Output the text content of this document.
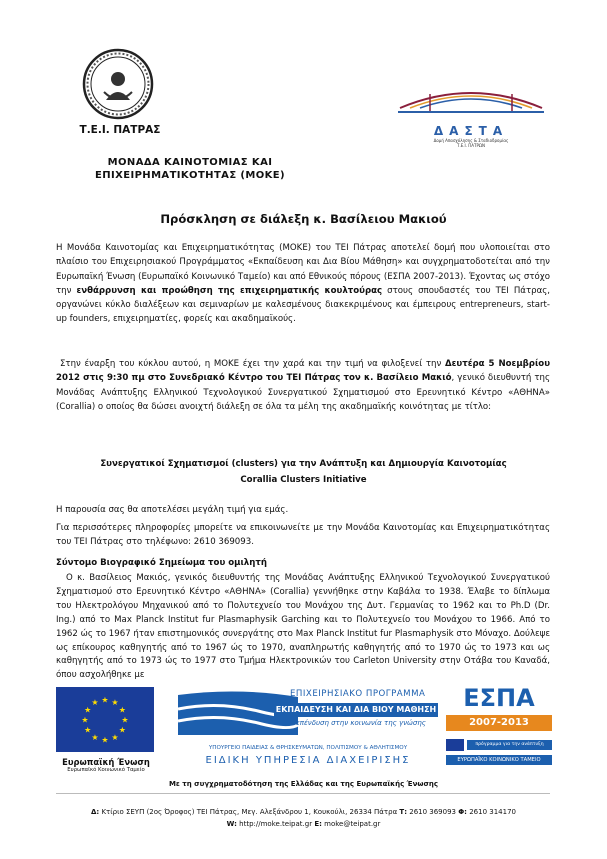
Τ.Ε.Ι. ΠΑΤΡΑΣ
ΜΟΝΑΔΑ ΚΑΙΝΟΤΟΜΙΑΣ ΚΑΙ
ΕΠΙΧΕΙΡΗΜΑΤΙΚΟΤΗΤΑΣ (ΜΟΚΕ)
ΔΑΣΤΑ
Δομή Απασχόλησης & Σταδιοδρομίας
Τ.Ε.Ι. ΠΑΤΡΩΝ
Πρόσκληση σε διάλεξη κ. Βασίλειου Μακιού
Η Μονάδα Καινοτομίας και Επιχειρηματικότητας (ΜΟΚΕ) του ΤΕΙ Πάτρας αποτελεί δομή που υλοποιείται στο πλαίσιο του Επιχειρησιακού Προγράμματος «Εκπαίδευση και Δια Βίου Μάθηση» και συγχρηματοδοτείται από την Ευρωπαϊκή Ένωση (Ευρωπαϊκό Κοινωνικό Ταμείο) και από Εθνικούς πόρους (ΕΣΠΑ 2007-2013). Έχοντας ως στόχο την ενθάρρυνση και προώθηση της επιχειρηματικής κουλτούρας στους σπουδαστές του ΤΕΙ Πάτρας, οργανώνει κύκλο διαλέξεων και σεμιναρίων με καλεσμένους διακεκριμένους και έμπειρους entrepreneurs, start-up founders, επιχειρηματίες, φορείς και ακαδημαϊκούς.
Στην έναρξη του κύκλου αυτού, η ΜΟΚΕ έχει την χαρά και την τιμή να φιλοξενεί την Δευτέρα 5 Νοεμβρίου 2012 στις 9:30 πμ στο Συνεδριακό Κέντρο του ΤΕΙ Πάτρας τον κ. Βασίλειο Μακιό, γενικό διευθυντή της Μονάδας Ανάπτυξης Ελληνικού Τεχνολογικού Συνεργατικού Σχηματισμού στο Ερευνητικό Κέντρο «ΑΘΗΝΑ» (Corallia) ο οποίος θα δώσει ανοιχτή διάλεξη σε όλα τα μέλη της ακαδημαϊκής κοινότητας με τίτλο:
Συνεργατικοί Σχηματισμοί (clusters) για την Ανάπτυξη και Δημιουργία Καινοτομίας
Corallia Clusters Initiative
Η παρουσία σας θα αποτελέσει μεγάλη τιμή για εμάς.
Για περισσότερες πληροφορίες μπορείτε να επικοινωνείτε με την Μονάδα Καινοτομίας και Επιχειρηματικότητας του ΤΕΙ Πάτρας στο τηλέφωνο: 2610 369093.
Σύντομο Βιογραφικό Σημείωμα του ομιλητή
Ο κ. Βασίλειος Μακιός, γενικός διευθυντής της Μονάδας Ανάπτυξης Ελληνικού Τεχνολογικού Συνεργατικού Σχηματισμού στο Ερευνητικό Κέντρο «ΑΘΗΝΑ» (Corallia) γεννήθηκε στην Καβάλα το 1938. Έλαβε το δίπλωμα του Ηλεκτρολόγου Μηχανικού από το Πολυτεχνείο του Μονάχου της Δυτ. Γερμανίας το 1962 και το Ph.D (Dr. Ing.) από το Max Planck Institut fur Plasmaphysik Garching και το Πολυτεχνείο του Μονάχου το 1966. Από το 1962 ώς το 1967 ήταν επιστημονικός συνεργάτης στο Max Planck Institut fur Plasmaphysik στο Μόναχο. Δούλεψε ως επίκουρος καθηγητής από το 1967 ώς το 1970, αναπληρωτής καθηγητής από το 1970 ώς το 1973 και ως καθηγητής από το 1973 ώς το 1977 στο Τμήμα Ηλεκτρονικών του Carleton University στην Οτάβα του Καναδά, όπου ασχολήθηκε με
★
★
★
★
★
★
★
★
★ ★ ★
★
Ευρωπαϊκή Ένωση
Ευρωπαϊκό Κοινωνικό Ταμείο
ΕΠΙΧΕΙΡΗΣΙΑΚΟ ΠΡΟΓΡΑΜΜΑ
ΕΚΠΑΙΔΕΥΣΗ ΚΑΙ ΔΙΑ ΒΙΟΥ ΜΑΘΗΣΗ
επένδυση στην κοινωνία της γνώσης
ΥΠΟΥΡΓΕΙΟ ΠΑΙΔΕΙΑΣ & ΘΡΗΣΚΕΥΜΑΤΩΝ, ΠΟΛΙΤΙΣΜΟΥ & ΑΘΛΗΤΙΣΜΟΥ
ΕΙΔΙΚΗ ΥΠΗΡΕΣΙΑ ΔΙΑΧΕΙΡΙΣΗΣ
ΕΣΠΑ
2007-2013
πρόγραμμα για την ανάπτυξη
ΕΥΡΩΠΑΪΚΟ ΚΟΙΝΩΝΙΚΟ ΤΑΜΕΙΟ
Με τη συγχρηματοδότηση της Ελλάδας και της Ευρωπαϊκής Ένωσης
Δ: Κτίριο ΣΕΥΠ (2ος Όροφος) ΤΕΙ Πάτρας, Μεγ. Αλεξάνδρου 1, Κουκούλι, 26334 Πάτρα Τ: 2610 369093 Φ: 2610 314170
W: http://moke.teipat.gr E: moke@teipat.gr
